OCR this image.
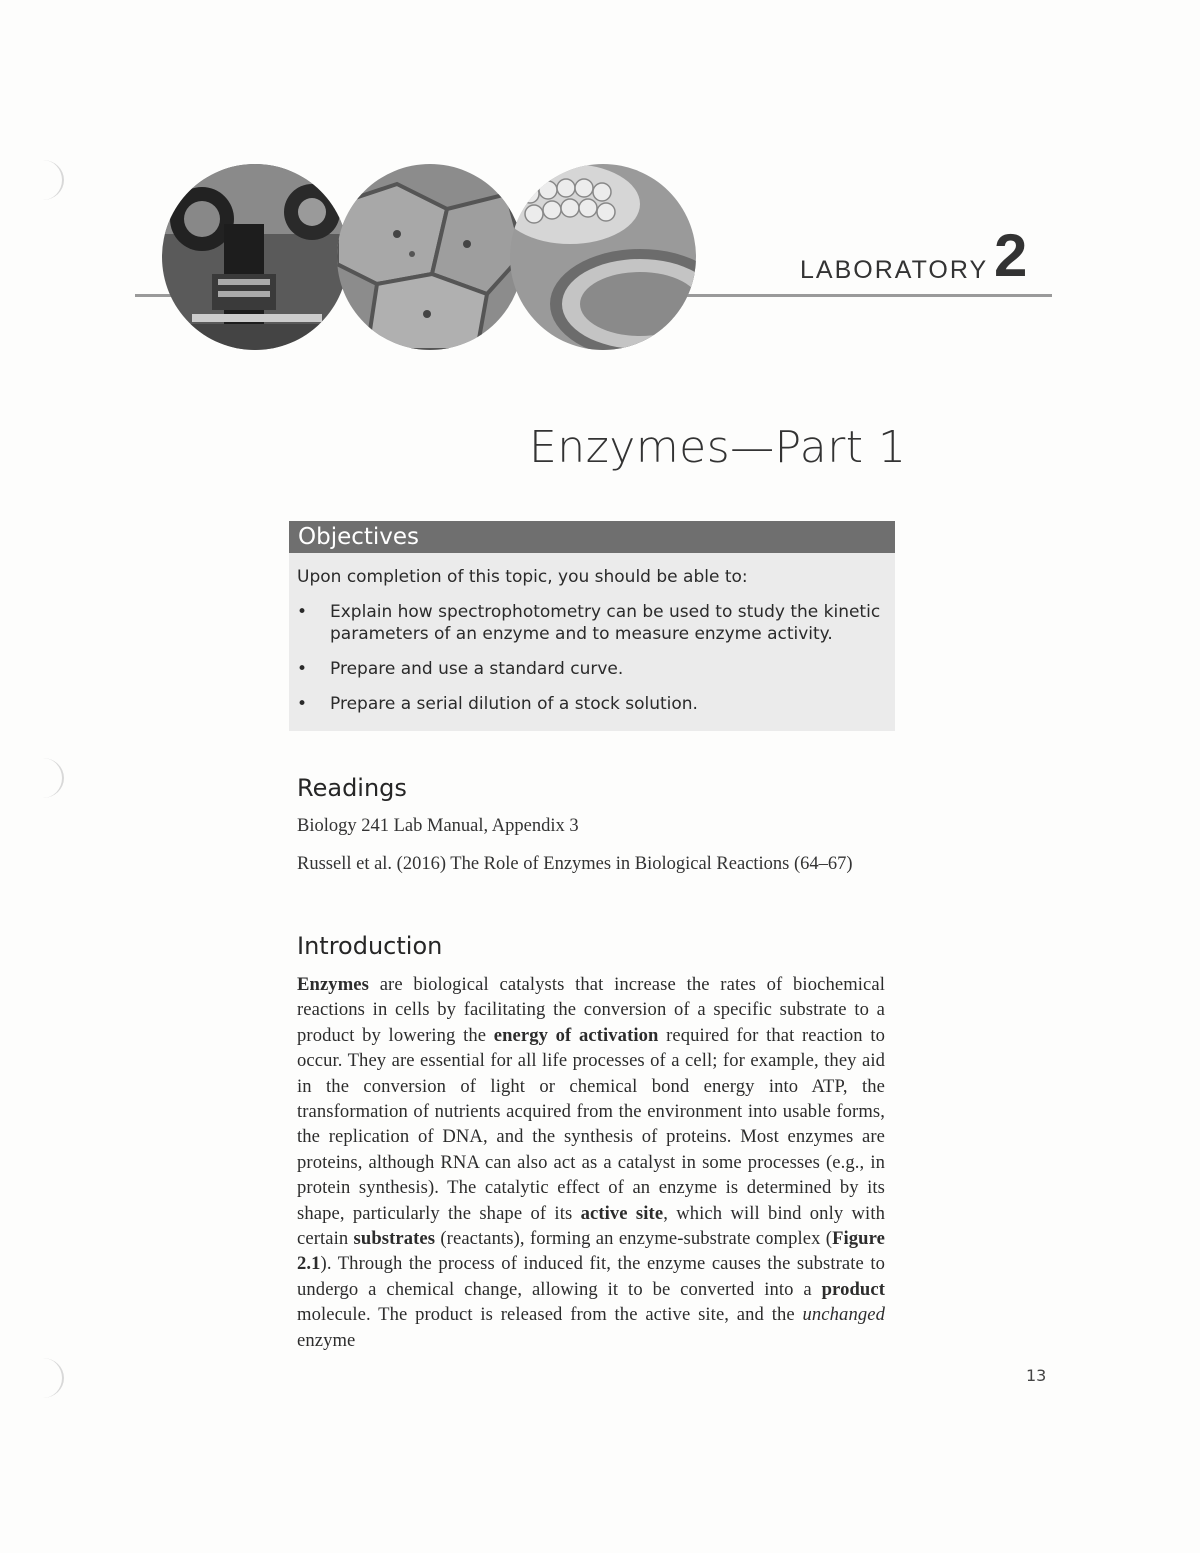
LABORATORY 2
Enzymes—Part 1
Objectives
Upon completion of this topic, you should be able to:
• Explain how spectrophotometry can be used to study the kinetic parameters of an enzyme and to measure enzyme activity.
• Prepare and use a standard curve.
• Prepare a serial dilution of a stock solution.
Readings
Biology 241 Lab Manual, Appendix 3
Russell et al. (2016) The Role of Enzymes in Biological Reactions (64–67)
Introduction
Enzymes are biological catalysts that increase the rates of biochemical reactions in cells by facilitating the conversion of a specific substrate to a product by lowering the energy of activation required for that reaction to occur. They are essential for all life processes of a cell; for example, they aid in the conversion of light or chemical bond energy into ATP, the transformation of nutrients acquired from the environment into usable forms, the replication of DNA, and the synthesis of proteins. Most enzymes are proteins, although RNA can also act as a catalyst in some processes (e.g., in protein synthesis). The catalytic effect of an enzyme is determined by its shape, particularly the shape of its active site, which will bind only with certain substrates (reactants), forming an enzyme-substrate complex (Figure 2.1). Through the process of induced fit, the enzyme causes the substrate to undergo a chemical change, allowing it to be converted into a product molecule. The product is released from the active site, and the unchanged enzyme
13
